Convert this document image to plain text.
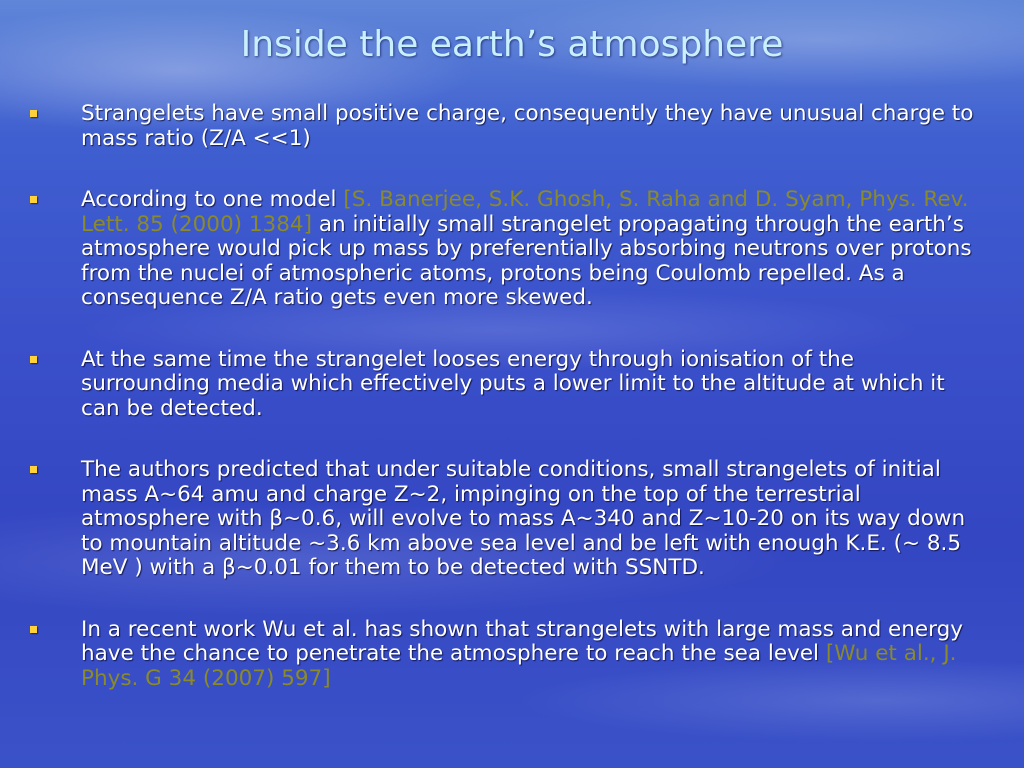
Inside the earth’s atmosphere
Strangelets have small positive charge, consequently they have unusual charge to mass ratio (Z/A <<1)
According to one model [S. Banerjee, S.K. Ghosh, S. Raha and D. Syam, Phys. Rev. Lett. 85 (2000) 1384] an initially small strangelet propagating through the earth’s atmosphere would pick up mass by preferentially absorbing neutrons over protons from the nuclei of atmospheric atoms, protons being Coulomb repelled. As a consequence Z/A ratio gets even more skewed.
At the same time the strangelet looses energy through ionisation of the surrounding media which effectively puts a lower limit to the altitude at which it can be detected.
The authors predicted that under suitable conditions, small strangelets of initial mass A~64 amu and charge Z~2, impinging on the top of the terrestrial atmosphere with β~0.6, will evolve to mass A~340 and Z~10-20 on its way down to mountain altitude ~3.6 km above sea level and be left with enough K.E. (~ 8.5 MeV ) with a β~0.01 for them to be detected with SSNTD.
In a recent work Wu et al. has shown that strangelets with large mass and energy have the chance to penetrate the atmosphere to reach the sea level [Wu et al., J. Phys. G 34 (2007) 597]
